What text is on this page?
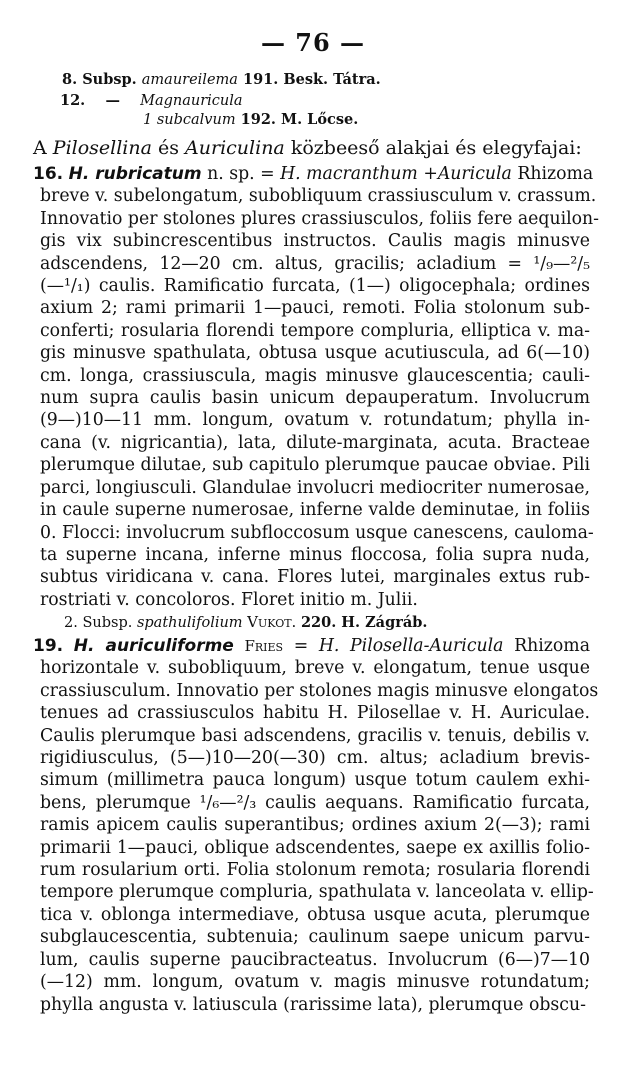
— 76 —
8. Subsp. amaureilema 191. Besk. Tátra.
12. — Magnauricula
1 subcalvum 192. M. Lőcse.
A Pilosellina és Auriculina közbeeső alakjai és elegyfajai:
16. H. rubricatum n. sp. = H. macranthum +Auricula Rhizoma
breve v. subelongatum, subobliquum crassiusculum v. crassum.
Innovatio per stolones plures crassiusculos, foliis fere aequilon-
gis vix subincrescentibus instructos. Caulis magis minusve
adscendens, 12—20 cm. altus, gracilis; acladium = ¹/₉—²/₅
(—¹/₁) caulis. Ramificatio furcata, (1—) oligocephala; ordines
axium 2; rami primarii 1—pauci, remoti. Folia stolonum sub-
conferti; rosularia florendi tempore compluria, elliptica v. ma-
gis minusve spathulata, obtusa usque acutiuscula, ad 6(—10)
cm. longa, crassiuscula, magis minusve glaucescentia; cauli-
num supra caulis basin unicum depauperatum. Involucrum
(9—)10—11 mm. longum, ovatum v. rotundatum; phylla in-
cana (v. nigricantia), lata, dilute-marginata, acuta. Bracteae
plerumque dilutae, sub capitulo plerumque paucae obviae. Pili
parci, longiusculi. Glandulae involucri mediocriter numerosae,
in caule superne numerosae, inferne valde deminutae, in foliis
0. Flocci: involucrum subfloccosum usque canescens, cauloma-
ta superne incana, inferne minus floccosa, folia supra nuda,
subtus viridicana v. cana. Flores lutei, marginales extus rub-
rostriati v. concoloros. Floret initio m. Julii.
2. Subsp. spathulifolium Vukot. 220. H. Zágráb.
19. H. auriculiforme Fries = H. Pilosella-Auricula Rhizoma
horizontale v. subobliquum, breve v. elongatum, tenue usque
crassiusculum. Innovatio per stolones magis minusve elongatos
tenues ad crassiusculos habitu H. Pilosellae v. H. Auriculae.
Caulis plerumque basi adscendens, gracilis v. tenuis, debilis v.
rigidiusculus, (5—)10—20(—30) cm. altus; acladium brevis-
simum (millimetra pauca longum) usque totum caulem exhi-
bens, plerumque ¹/₆—²/₃ caulis aequans. Ramificatio furcata,
ramis apicem caulis superantibus; ordines axium 2(—3); rami
primarii 1—pauci, oblique adscendentes, saepe ex axillis folio-
rum rosularium orti. Folia stolonum remota; rosularia florendi
tempore plerumque compluria, spathulata v. lanceolata v. ellip-
tica v. oblonga intermediave, obtusa usque acuta, plerumque
subglaucescentia, subtenuia; caulinum saepe unicum parvu-
lum, caulis superne paucibracteatus. Involucrum (6—)7—10
(—12) mm. longum, ovatum v. magis minusve rotundatum;
phylla angusta v. latiuscula (rarissime lata), plerumque obscu-
